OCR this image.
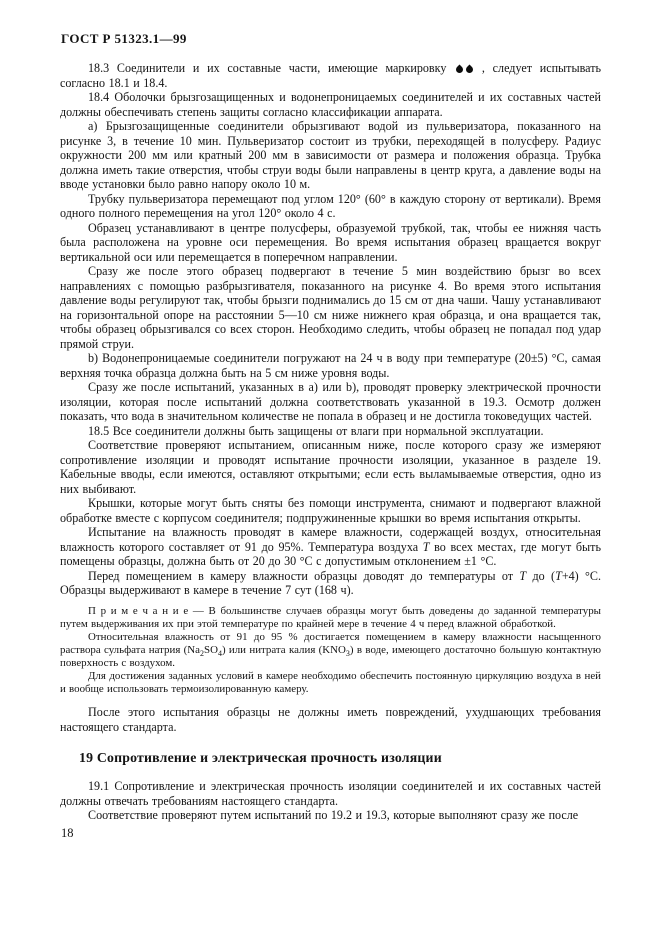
ГОСТ Р 51323.1—99

18.3 Соединители и их составные части, имеющие маркировку  , следует испытывать согласно 18.1 и 18.4.

18.4 Оболочки брызгозащищенных и водонепроницаемых соединителей и их составных частей должны обеспечивать степень защиты согласно классификации аппарата.

а) Брызгозащищенные соединители обрызгивают водой из пульверизатора, показанного на рисунке 3, в течение 10 мин. Пульверизатор состоит из трубки, переходящей в полусферу. Радиус окружности 200 мм или кратный 200 мм в зависимости от размера и положения образца. Трубка должна иметь такие отверстия, чтобы струи воды были направлены в центр круга, а давление воды на вводе установки было равно напору около 10 м.

Трубку пульверизатора перемещают под углом 120° (60° в каждую сторону от вертикали). Время одного полного перемещения на угол 120° около 4 с.

Образец устанавливают в центре полусферы, образуемой трубкой, так, чтобы ее нижняя часть была расположена на уровне оси перемещения. Во время испытания образец вращается вокруг вертикальной оси или перемещается в поперечном направлении.

Сразу же после этого образец подвергают в течение 5 мин воздействию брызг во всех направлениях с помощью разбрызгивателя, показанного на рисунке 4. Во время этого испытания давление воды регулируют так, чтобы брызги поднимались до 15 см от дна чаши. Чашу устанавливают на горизонтальной опоре на расстоянии 5—10 см ниже нижнего края образца, и она вращается так, чтобы образец обрызгивался со всех сторон. Необходимо следить, чтобы образец не попадал под удар прямой струи.

b) Водонепроницаемые соединители погружают на 24 ч в воду при температуре (20±5) °С, самая верхняя точка образца должна быть на 5 см ниже уровня воды.

Сразу же после испытаний, указанных в а) или b), проводят проверку электрической прочности изоляции, которая после испытаний должна соответствовать указанной в 19.3. Осмотр должен показать, что вода в значительном количестве не попала в образец и не достигла токоведущих частей.

18.5 Все соединители должны быть защищены от влаги при нормальной эксплуатации.

Соответствие проверяют испытанием, описанным ниже, после которого сразу же измеряют сопротивление изоляции и проводят испытание прочности изоляции, указанное в разделе 19. Кабельные вводы, если имеются, оставляют открытыми; если есть выламываемые отверстия, одно из них выбивают.

Крышки, которые могут быть сняты без помощи инструмента, снимают и подвергают влажной обработке вместе с корпусом соединителя; подпружиненные крышки во время испытания открыты.

Испытание на влажность проводят в камере влажности, содержащей воздух, относительная влажность которого составляет от 91 до 95%. Температура воздуха Т во всех местах, где могут быть помещены образцы, должна быть от 20 до 30 °С с допустимым отклонением ±1 °С.

Перед помещением в камеру влажности образцы доводят до температуры от Т до (Т+4) °С. Образцы выдерживают в камере в течение 7 сут (168 ч).

П р и м е ч а н и е — В большинстве случаев образцы могут быть доведены до заданной температуры путем выдерживания их при этой температуре по крайней мере в течение 4 ч перед влажной обработкой.

Относительная влажность от 91 до 95 % достигается помещением в камеру влажности насыщенного раствора сульфата натрия $(Na_2SO_4)$ или нитрата калия $(KNO_3)$ в воде, имеющего достаточно большую контактную поверхность с воздухом.

Для достижения заданных условий в камере необходимо обеспечить постоянную циркуляцию воздуха в ней и вообще использовать термоизолированную камеру.

После этого испытания образцы не должны иметь повреждений, ухудшающих требования настоящего стандарта.

19 Сопротивление и электрическая прочность изоляции

19.1 Сопротивление и электрическая прочность изоляции соединителей и их составных частей должны отвечать требованиям настоящего стандарта.

Соответствие проверяют путем испытаний по 19.2 и 19.3, которые выполняют сразу же после

18
